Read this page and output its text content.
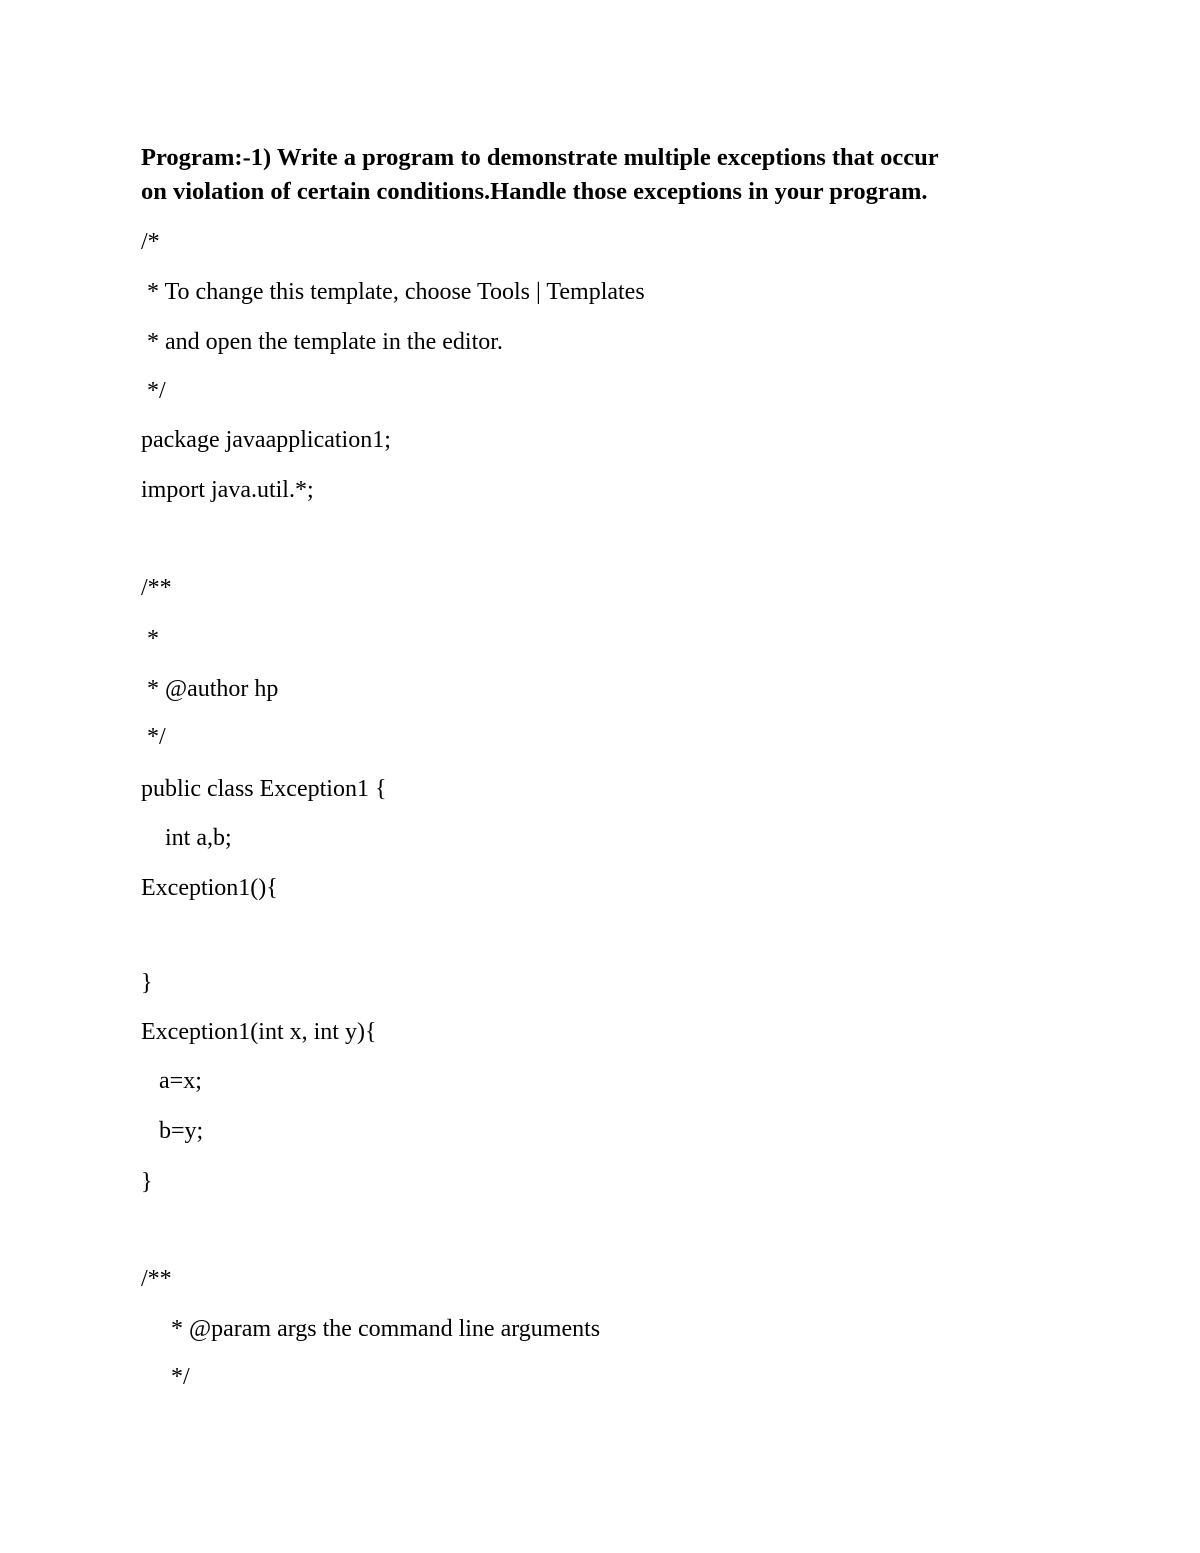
Program:-1) Write a program to demonstrate multiple exceptions that occur
on violation of certain conditions.Handle those exceptions in your program.

/*

* To change this template, choose Tools | Templates

* and open the template in the editor.

*/

package javaapplication1;

import java.util.*;

/**

*

* @author hp

*/

public class Exception1 {

int a,b;

Exception1(){

}

Exception1(int x, int y){

a=x;

b=y;

}

/**

* @param args the command line arguments

*/
